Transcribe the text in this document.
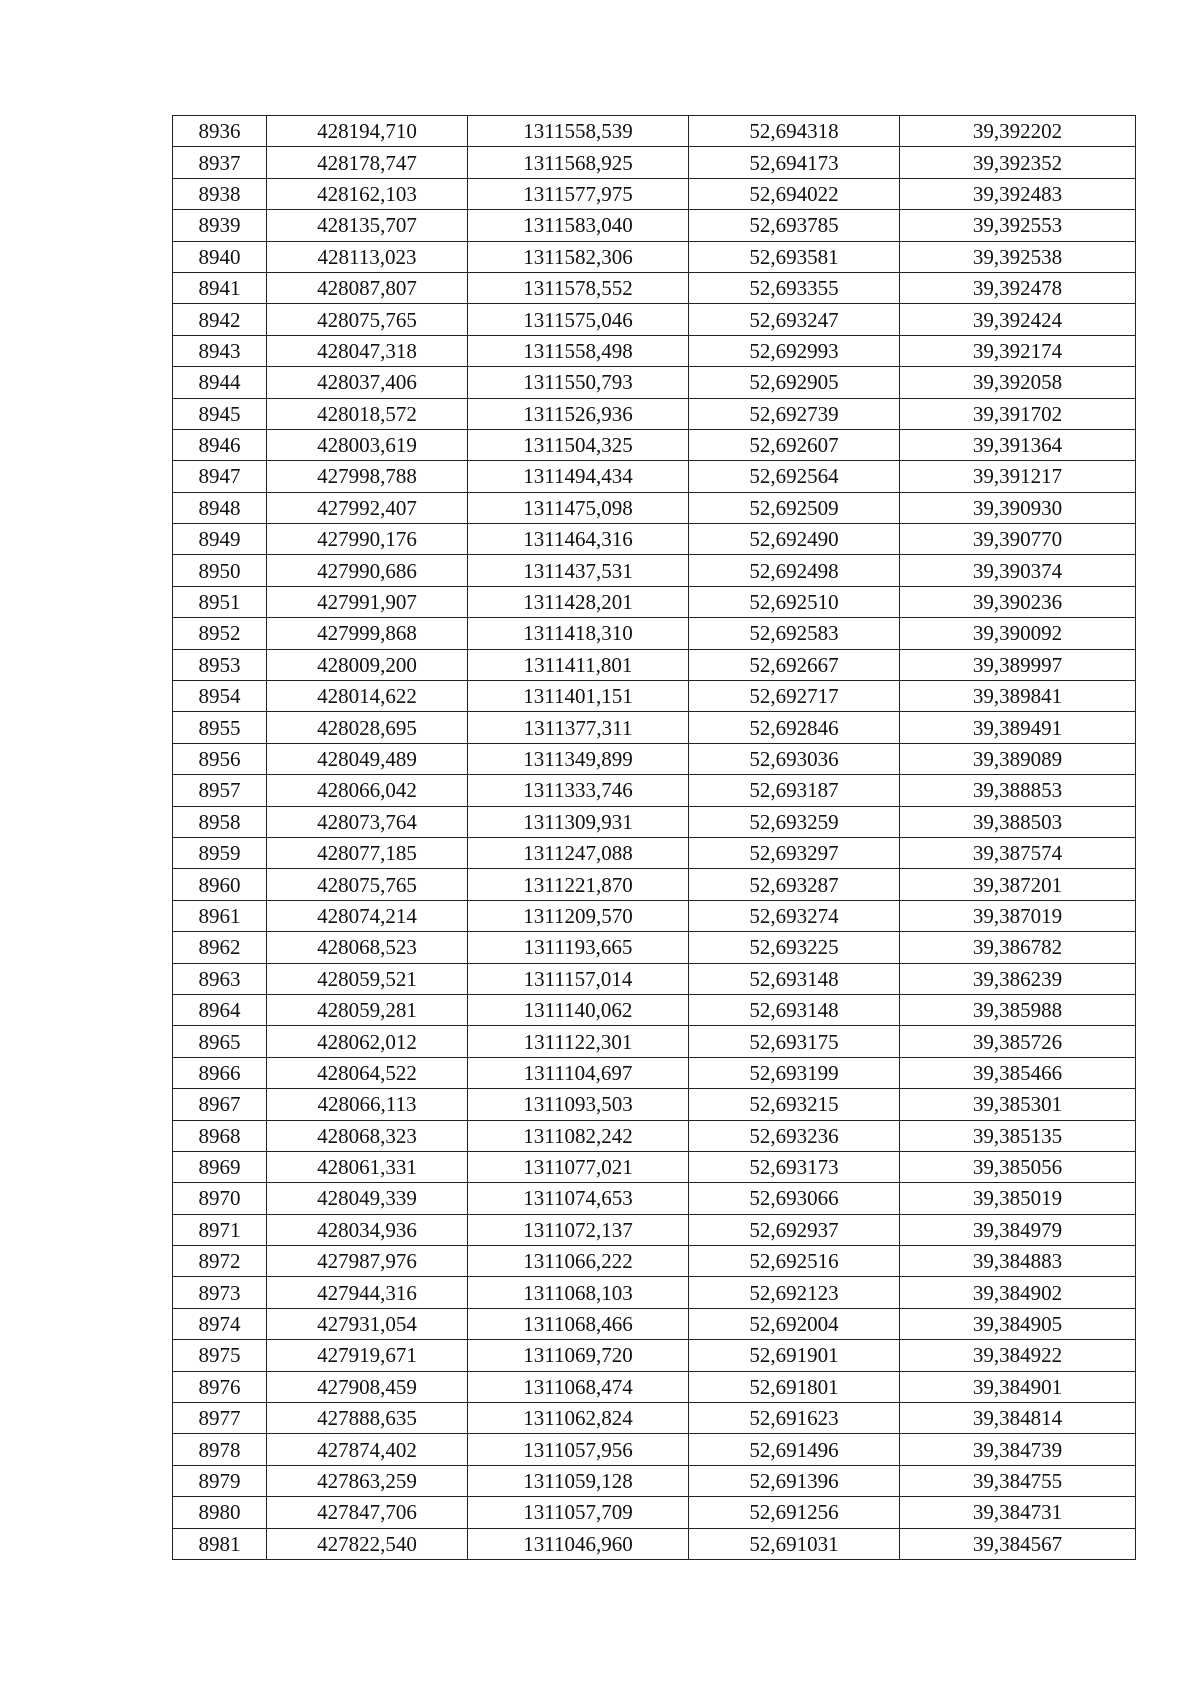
8936	428194,710	1311558,539	52,694318	39,392202
8937	428178,747	1311568,925	52,694173	39,392352
8938	428162,103	1311577,975	52,694022	39,392483
8939	428135,707	1311583,040	52,693785	39,392553
8940	428113,023	1311582,306	52,693581	39,392538
8941	428087,807	1311578,552	52,693355	39,392478
8942	428075,765	1311575,046	52,693247	39,392424
8943	428047,318	1311558,498	52,692993	39,392174
8944	428037,406	1311550,793	52,692905	39,392058
8945	428018,572	1311526,936	52,692739	39,391702
8946	428003,619	1311504,325	52,692607	39,391364
8947	427998,788	1311494,434	52,692564	39,391217
8948	427992,407	1311475,098	52,692509	39,390930
8949	427990,176	1311464,316	52,692490	39,390770
8950	427990,686	1311437,531	52,692498	39,390374
8951	427991,907	1311428,201	52,692510	39,390236
8952	427999,868	1311418,310	52,692583	39,390092
8953	428009,200	1311411,801	52,692667	39,389997
8954	428014,622	1311401,151	52,692717	39,389841
8955	428028,695	1311377,311	52,692846	39,389491
8956	428049,489	1311349,899	52,693036	39,389089
8957	428066,042	1311333,746	52,693187	39,388853
8958	428073,764	1311309,931	52,693259	39,388503
8959	428077,185	1311247,088	52,693297	39,387574
8960	428075,765	1311221,870	52,693287	39,387201
8961	428074,214	1311209,570	52,693274	39,387019
8962	428068,523	1311193,665	52,693225	39,386782
8963	428059,521	1311157,014	52,693148	39,386239
8964	428059,281	1311140,062	52,693148	39,385988
8965	428062,012	1311122,301	52,693175	39,385726
8966	428064,522	1311104,697	52,693199	39,385466
8967	428066,113	1311093,503	52,693215	39,385301
8968	428068,323	1311082,242	52,693236	39,385135
8969	428061,331	1311077,021	52,693173	39,385056
8970	428049,339	1311074,653	52,693066	39,385019
8971	428034,936	1311072,137	52,692937	39,384979
8972	427987,976	1311066,222	52,692516	39,384883
8973	427944,316	1311068,103	52,692123	39,384902
8974	427931,054	1311068,466	52,692004	39,384905
8975	427919,671	1311069,720	52,691901	39,384922
8976	427908,459	1311068,474	52,691801	39,384901
8977	427888,635	1311062,824	52,691623	39,384814
8978	427874,402	1311057,956	52,691496	39,384739
8979	427863,259	1311059,128	52,691396	39,384755
8980	427847,706	1311057,709	52,691256	39,384731
8981	427822,540	1311046,960	52,691031	39,384567
